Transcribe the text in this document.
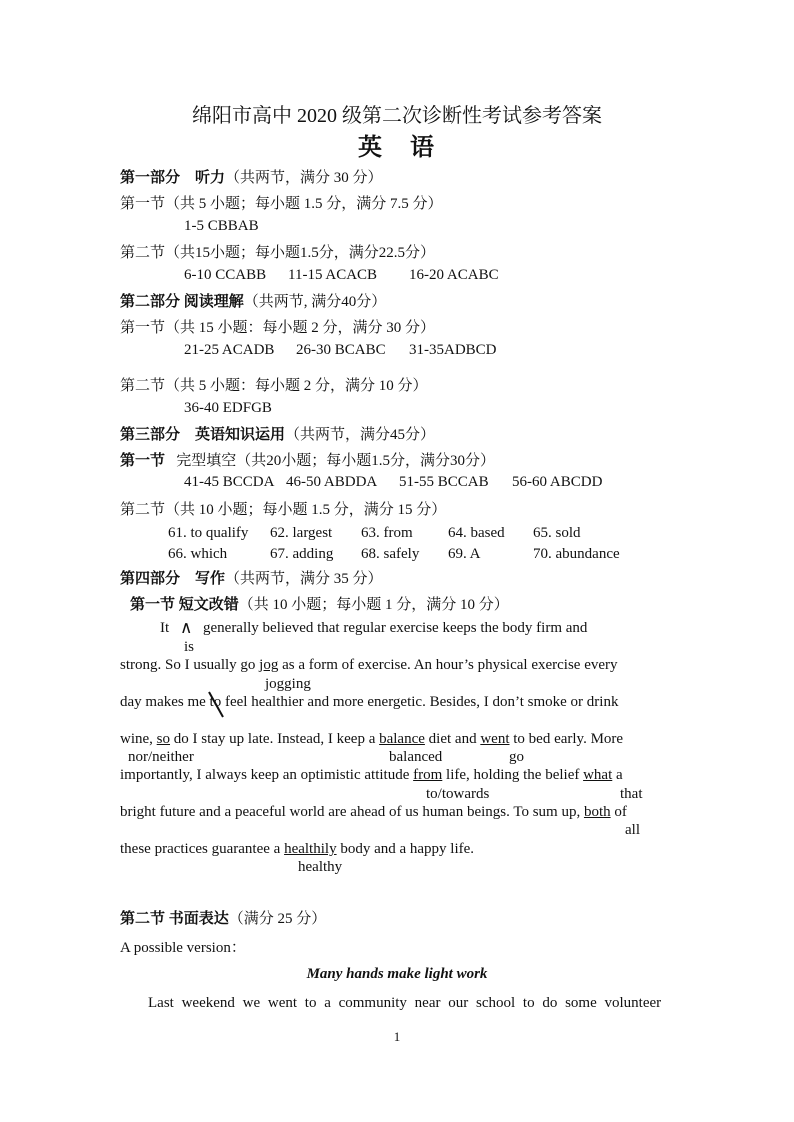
绵阳市高中 2020 级第二次诊断性考试参考答案
英　语
第一部分　听力（共两节，满分 30 分）
第一节（共 5 小题；每小题 1.5 分，满分 7.5 分）
1-5 CBBAB
第二节（共15小题；每小题1.5分，满分22.5分）
6-10 CCABB 11-15 ACACB 16-20 ACABC
第二部分 阅读理解（共两节, 满分40分）
第一节（共 15 小题：每小题 2 分，满分 30 分）
21-25 ACADB 26-30 BCABC 31-35ADBCD
第二节（共 5 小题：每小题 2 分，满分 10 分）
36-40 EDFGB
第三部分　英语知识运用（共两节，满分45分）
第一节 完型填空（共20小题；每小题1.5分，满分30分）
41-45 BCCDA 46-50 ABDDA 51-55 BCCAB 56-60 ABCDD
第二节（共 10 小题；每小题 1.5 分，满分 15 分）
61. to qualify 62. largest 63. from 64. based 65. sold
66. which	67. adding 68. safely 69. A	70. abundance
第四部分　写作（共两节，满分 35 分）
第一节 短文改错（共 10 小题；每小题 1 分，满分 10 分）
It ∧ generally believed that regular exercise keeps the body firm and
is
strong. So I usually go jog as a form of exercise. An hour’s physical exercise every
jogging
day makes me to feel healthier and more energetic. Besides, I don’t smoke or drink
wine, so do I stay up late. Instead, I keep a balance diet and went to bed early. More
nor/neither	balanced	go
importantly, I always keep an optimistic attitude from life, holding the belief what a
to/towards	that
bright future and a peaceful world are ahead of us human beings. To sum up, both of
all
these practices guarantee a healthily body and a happy life.
healthy
第二节 书面表达（满分 25 分）
A possible version：
Many hands make light work
Last weekend we went to a community near our school to do some volunteer
1
